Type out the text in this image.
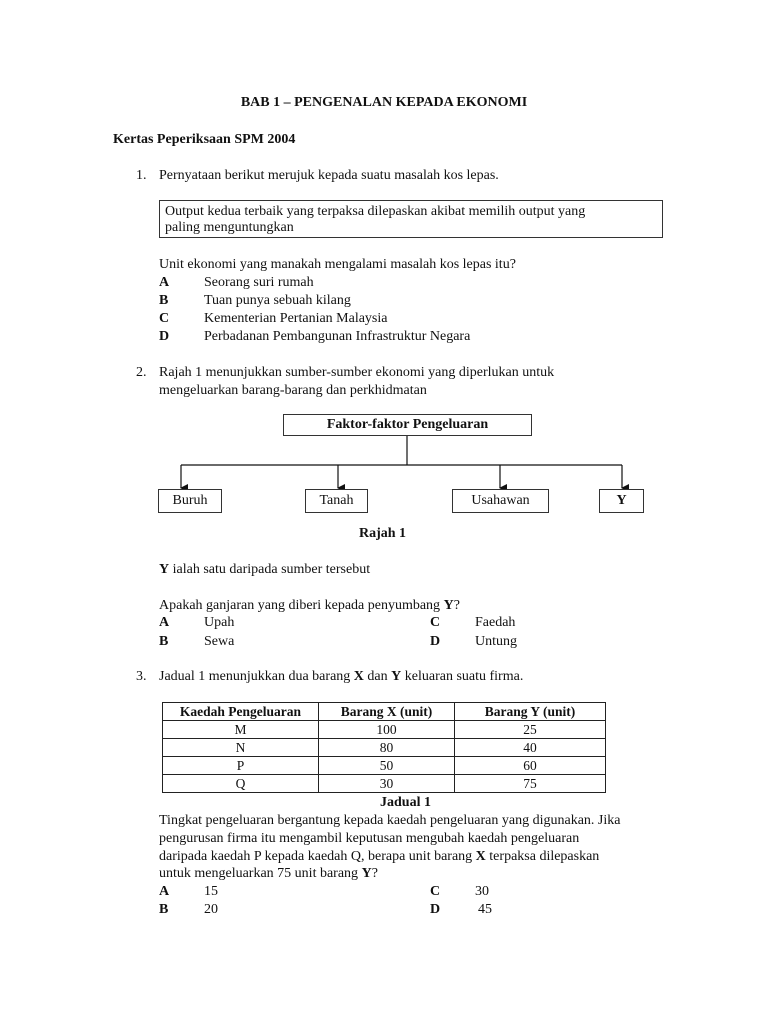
BAB 1 – PENGENALAN KEPADA EKONOMI
Kertas Peperiksaan SPM 2004
1. Pernyataan berikut merujuk kepada suatu masalah kos lepas.
Output kedua terbaik yang terpaksa dilepaskan akibat memilih output yang
paling menguntungkan
Unit ekonomi yang manakah mengalami masalah kos lepas itu?
A Seorang suri rumah
B	Tuan punya sebuah kilang
C Kementerian Pertanian Malaysia
D Perbadanan Pembangunan Infrastruktur Negara
2. Rajah 1 menunjukkan sumber-sumber ekonomi yang diperlukan untuk
mengeluarkan barang-barang dan perkhidmatan
Faktor-faktor Pengeluaran
Buruh	Tanah	Usahawan	Y
Rajah 1
Y ialah satu daripada sumber tersebut
Apakah ganjaran yang diberi kepada penyumbang Y?
A Upah
B	Sewa
C Faedah
D Untung
3. Jadual 1 menunjukkan dua barang X dan Y keluaran suatu firma.
Kaedah Pengeluaran	Barang X (unit)	Barang Y (unit)
M	100	25
N	80	40
P	50	60
Q	30	75
Jadual 1
Tingkat pengeluaran bergantung kepada kaedah pengeluaran yang digunakan. Jika
pengurusan firma itu mengambil keputusan mengubah kaedah pengeluaran
daripada kaedah P kepada kaedah Q, berapa unit barang X terpaksa dilepaskan
untuk mengeluarkan 75 unit barang Y?
A 15
B	20
C 30
D	45
